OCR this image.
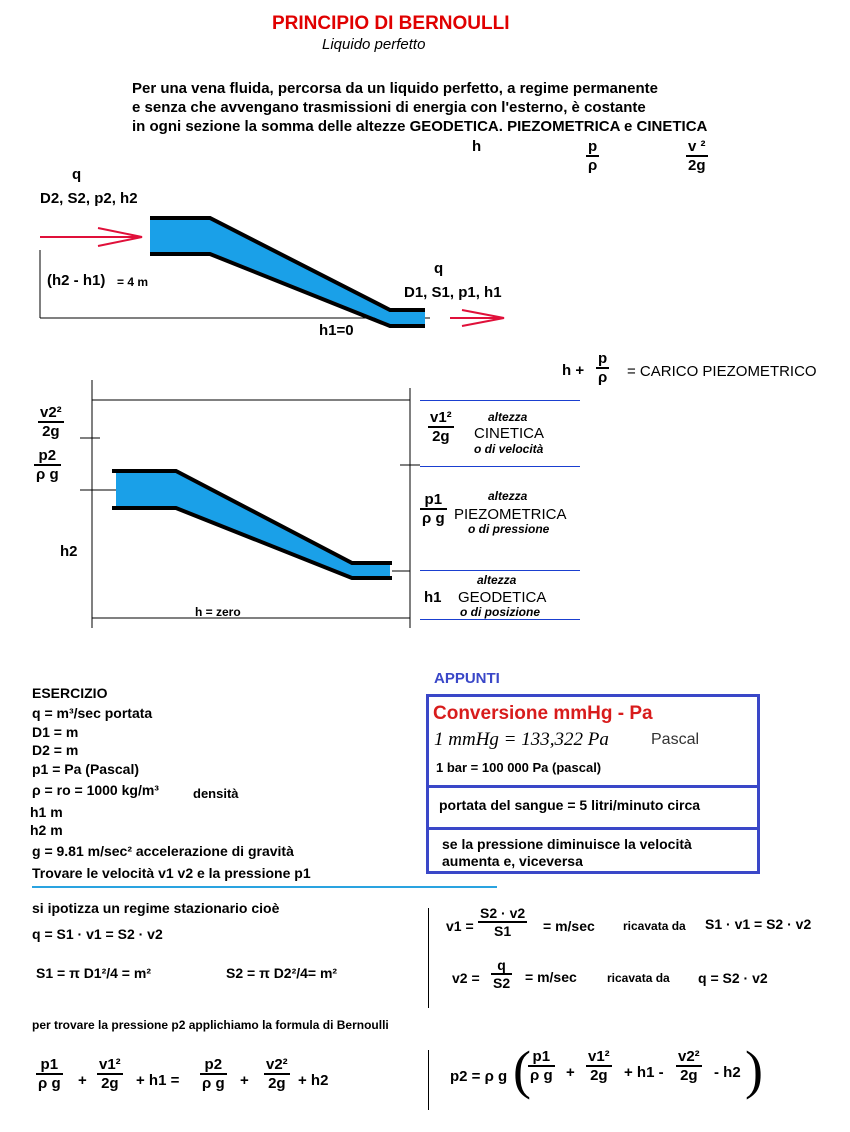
PRINCIPIO DI BERNOULLI
Liquido perfetto
Per una vena fluida, percorsa da un liquido perfetto, a regime permanente
e senza che avvengano trasmissioni di energia con l'esterno, è costante
in ogni sezione la somma delle altezze GEODETICA. PIEZOMETRICA e CINETICA
h	$\frac{p}{\rho}$	$\frac{\text{v ²}}{2g}$
q
D2, S2, p2, h2
(h2 - h1) = 4 m
q
D1, S1, p1, h1
h1=0
$h + \frac{p}{\rho}$ = CARICO PIEZOMETRICO
$\frac{\text{v2²}}{2g}$
$\frac{p2}{\text{ρ g}}$
h2
h = zero
$\frac{\text{v1²}}{2g}$	altezza
CINETICA
o di velocità
$\frac{p1}{\text{ρ g}}$	altezza
PIEZOMETRICA
o di pressione
altezza
h1 GEODETICA
o di posizione
ESERCIZIO
q = m³/sec portata
D1 = m
D2 = m
p1 = Pa (Pascal)
ρ = ro = 1000 kg/m³	densità
h1 m
h2 m
g = 9.81 m/sec² accelerazione di gravità
Trovare le velocità v1 v2 e la pressione p1
APPUNTI
Conversione mmHg - Pa
1 mmHg = 133,322 Pa	Pascal
1 bar = 100 000 Pa (pascal)
portata del sangue = 5 litri/minuto circa
se la pressione diminuisce la velocità
aumenta e, viceversa
si ipotizza un regime stazionario cioè
q = S1 · v1 = S2 · v2
S1 = π D1²/4 = m²	S2 = π D2²/4= m²
$v1 = \frac{S2 \cdot v2}{S1} = m/\sec$ ricavata da S1 · v1 = S2 · v2
$v2 = \frac{q}{S2} = m/\sec$	ricavata da q = S2 · v2
per trovare la pressione p2 applichiamo la formula di Bernoulli
$\frac{p1}{\text{ρ g}} + \frac{\text{v1²}}{2g} + h1 = \frac{p2}{\text{ρ g}} + \frac{\text{v2²}}{2g} + h2$	p2 = ρ g (
$\frac{p1}{\text{ρ g}} + \frac{\text{v1²}}{2g} + h1 - \frac{\text{v2²}}{2g} - h2$ )
